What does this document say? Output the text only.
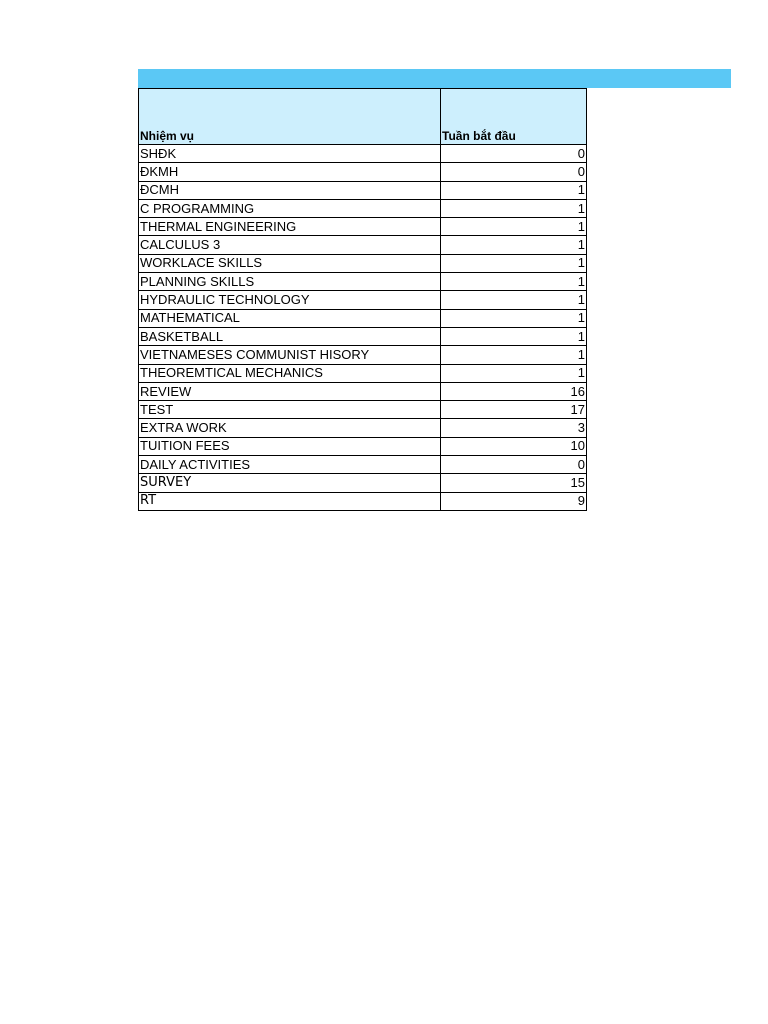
Nhiệm vụ	Tuần bắt đầu
SHĐK	0
ĐKMH	0
ĐCMH	1
C PROGRAMMING	1
THERMAL ENGINEERING	1
CALCULUS 3	1
WORKLACE SKILLS	1
PLANNING SKILLS	1
HYDRAULIC TECHNOLOGY	1
MATHEMATICAL	1
BASKETBALL	1
VIETNAMESES COMMUNIST HISORY	1
THEOREMTICAL MECHANICS	1
REVIEW	16
TEST	17
EXTRA WORK	3
TUITION FEES	10
DAILY ACTIVITIES	0
SURVEY	15
RT	9
